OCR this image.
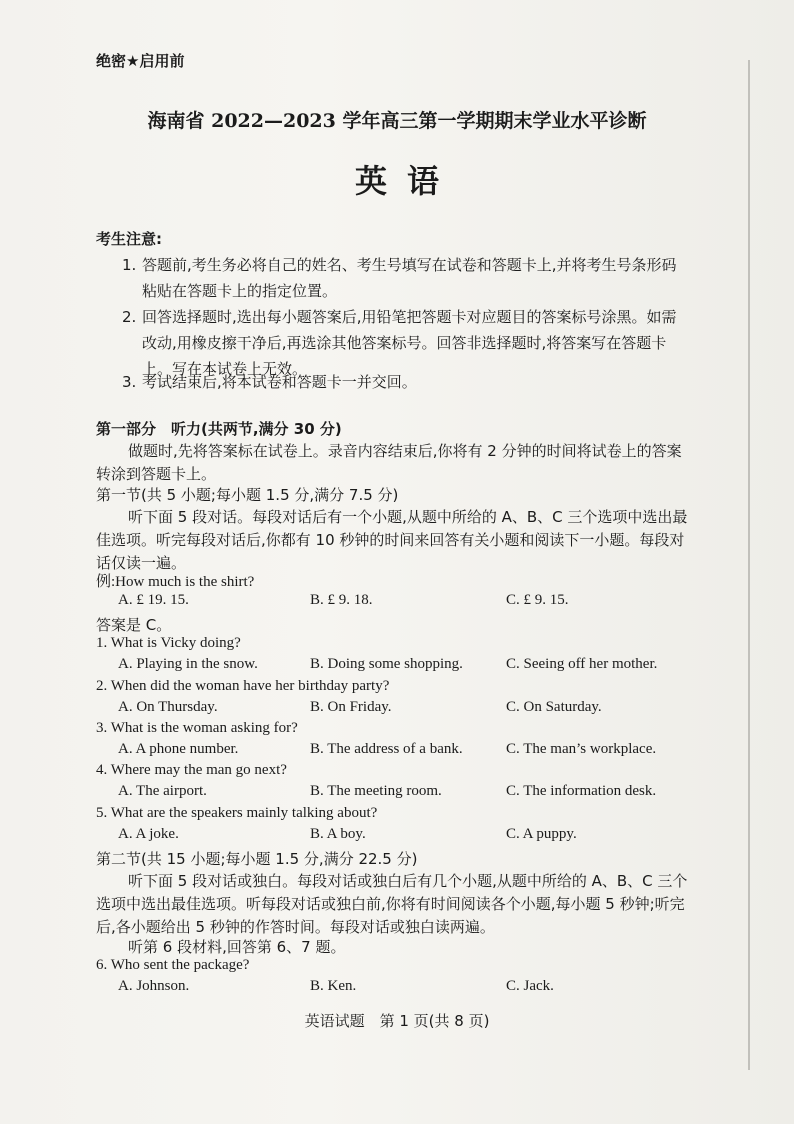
绝密★启用前
海南省 2022—2023 学年高三第一学期期末学业水平诊断
英语
考生注意:
1. 答题前,考生务必将自己的姓名、考生号填写在试卷和答题卡上,并将考生号条形码粘贴在答题卡上的指定位置。
2. 回答选择题时,选出每小题答案后,用铅笔把答题卡对应题目的答案标号涂黑。如需改动,用橡皮擦干净后,再选涂其他答案标号。回答非选择题时,将答案写在答题卡上。写在本试卷上无效。
3. 考试结束后,将本试卷和答题卡一并交回。
第一部分　听力(共两节,满分 30 分)
做题时,先将答案标在试卷上。录音内容结束后,你将有 2 分钟的时间将试卷上的答案转涂到答题卡上。
第一节(共 5 小题;每小题 1.5 分,满分 7.5 分)
听下面 5 段对话。每段对话后有一个小题,从题中所给的 A、B、C 三个选项中选出最佳选项。听完每段对话后,你都有 10 秒钟的时间来回答有关小题和阅读下一小题。每段对话仅读一遍。
例:How much is the shirt?
A. £ 19. 15.	B. £ 9. 18.	C. £ 9. 15.
答案是 C。
1. What is Vicky doing?
A. Playing in the snow.	B. Doing some shopping.	C. Seeing off her mother.
2. When did the woman have her birthday party?
A. On Thursday.	B. On Friday.	C. On Saturday.
3. What is the woman asking for?
A. A phone number.	B. The address of a bank.	C. The man’s workplace.
4. Where may the man go next?
A. The airport.	B. The meeting room.	C. The information desk.
5. What are the speakers mainly talking about?
A. A joke.	B. A boy.	C. A puppy.
第二节(共 15 小题;每小题 1.5 分,满分 22.5 分)
听下面 5 段对话或独白。每段对话或独白后有几个小题,从题中所给的 A、B、C 三个选项中选出最佳选项。听每段对话或独白前,你将有时间阅读各个小题,每小题 5 秒钟;听完后,各小题给出 5 秒钟的作答时间。每段对话或独白读两遍。
听第 6 段材料,回答第 6、7 题。
6. Who sent the package?
A. Johnson.	B. Ken.	C. Jack.
英语试题　第 1 页(共 8 页)
